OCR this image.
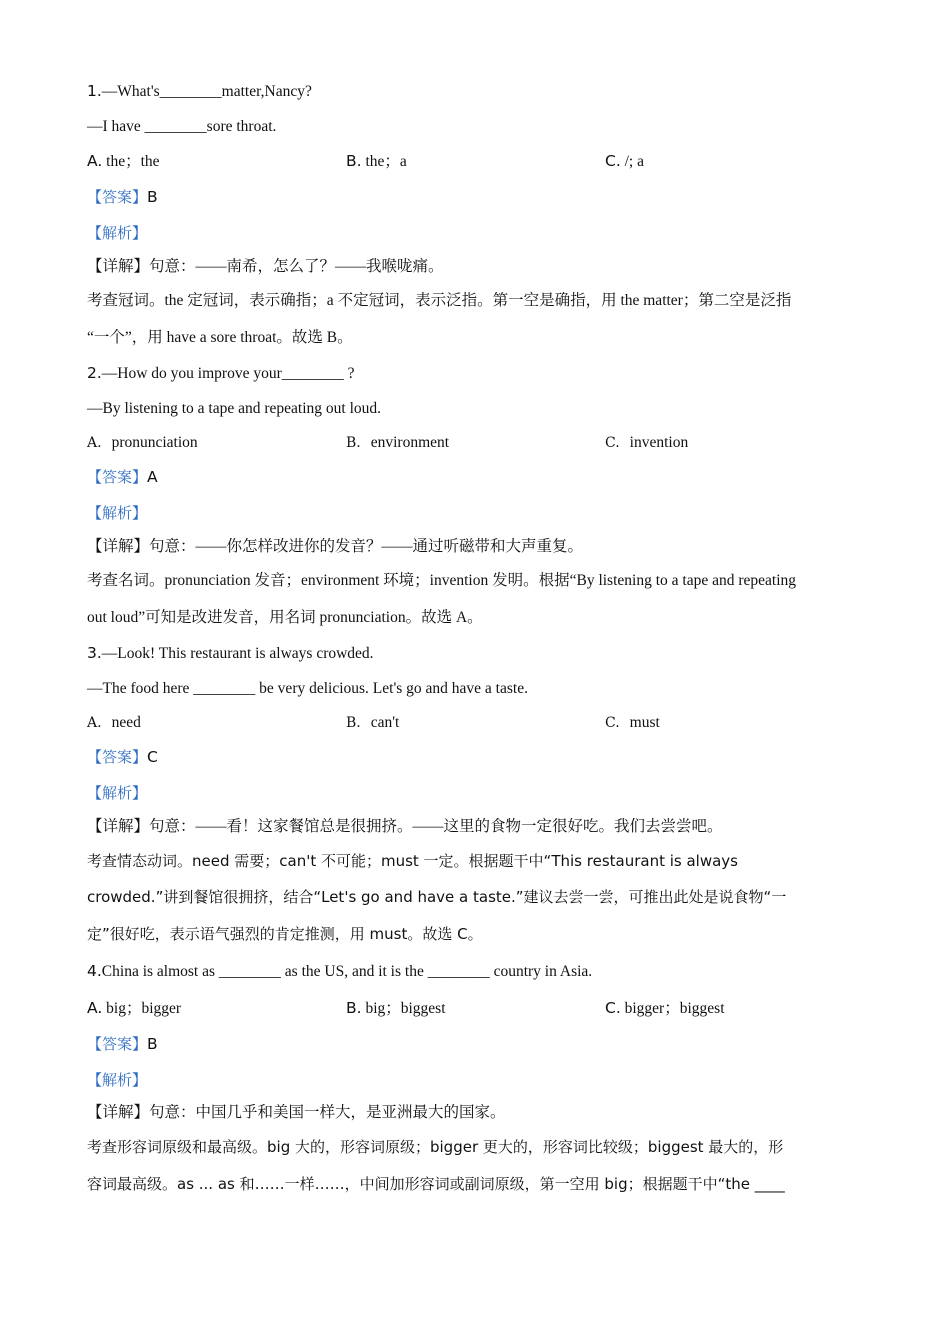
1.—What's________matter,Nancy?
—I have ________sore throat.
A. the；the	B. the；a	C. /; a
【答案】B
【解析】
【详解】句意：——南希，怎么了？——我喉咙痛。
考查冠词。the 定冠词，表示确指；a 不定冠词，表示泛指。第一空是确指，用 the matter；第二空是泛指
“一个”，用 have a sore throat。故选 B。
2.—How do you improve your________ ?
—By listening to a tape and repeating out loud.
A. pronunciation	B. environment	C. invention
【答案】A
【解析】
【详解】句意：——你怎样改进你的发音？——通过听磁带和大声重复。
考查名词。pronunciation 发音；environment 环境；invention 发明。根据“By listening to a tape and repeating
out loud”可知是改进发音，用名词 pronunciation。故选 A。
3.—Look! This restaurant is always crowded.
—The food here ________ be very delicious. Let's go and have a taste.
A. need	B. can't	C. must
【答案】C
【解析】
【详解】句意：——看！这家餐馆总是很拥挤。——这里的食物一定很好吃。我们去尝尝吧。
考查情态动词。need 需要；can't 不可能；must 一定。根据题干中“This restaurant is always
crowded.”讲到餐馆很拥挤，结合“Let's go and have a taste.”建议去尝一尝，可推出此处是说食物“一
定”很好吃，表示语气强烈的肯定推测，用 must。故选 C。
4.China is almost as ________ as the US, and it is the ________ country in Asia.
A. big；bigger	B. big；biggest	C. bigger；biggest
【答案】B
【解析】
【详解】句意：中国几乎和美国一样大，是亚洲最大的国家。
考查形容词原级和最高级。big 大的，形容词原级；bigger 更大的，形容词比较级；biggest 最大的，形
容词最高级。as ... as 和……一样……，中间加形容词或副词原级，第一空用 big；根据题干中“the ____
